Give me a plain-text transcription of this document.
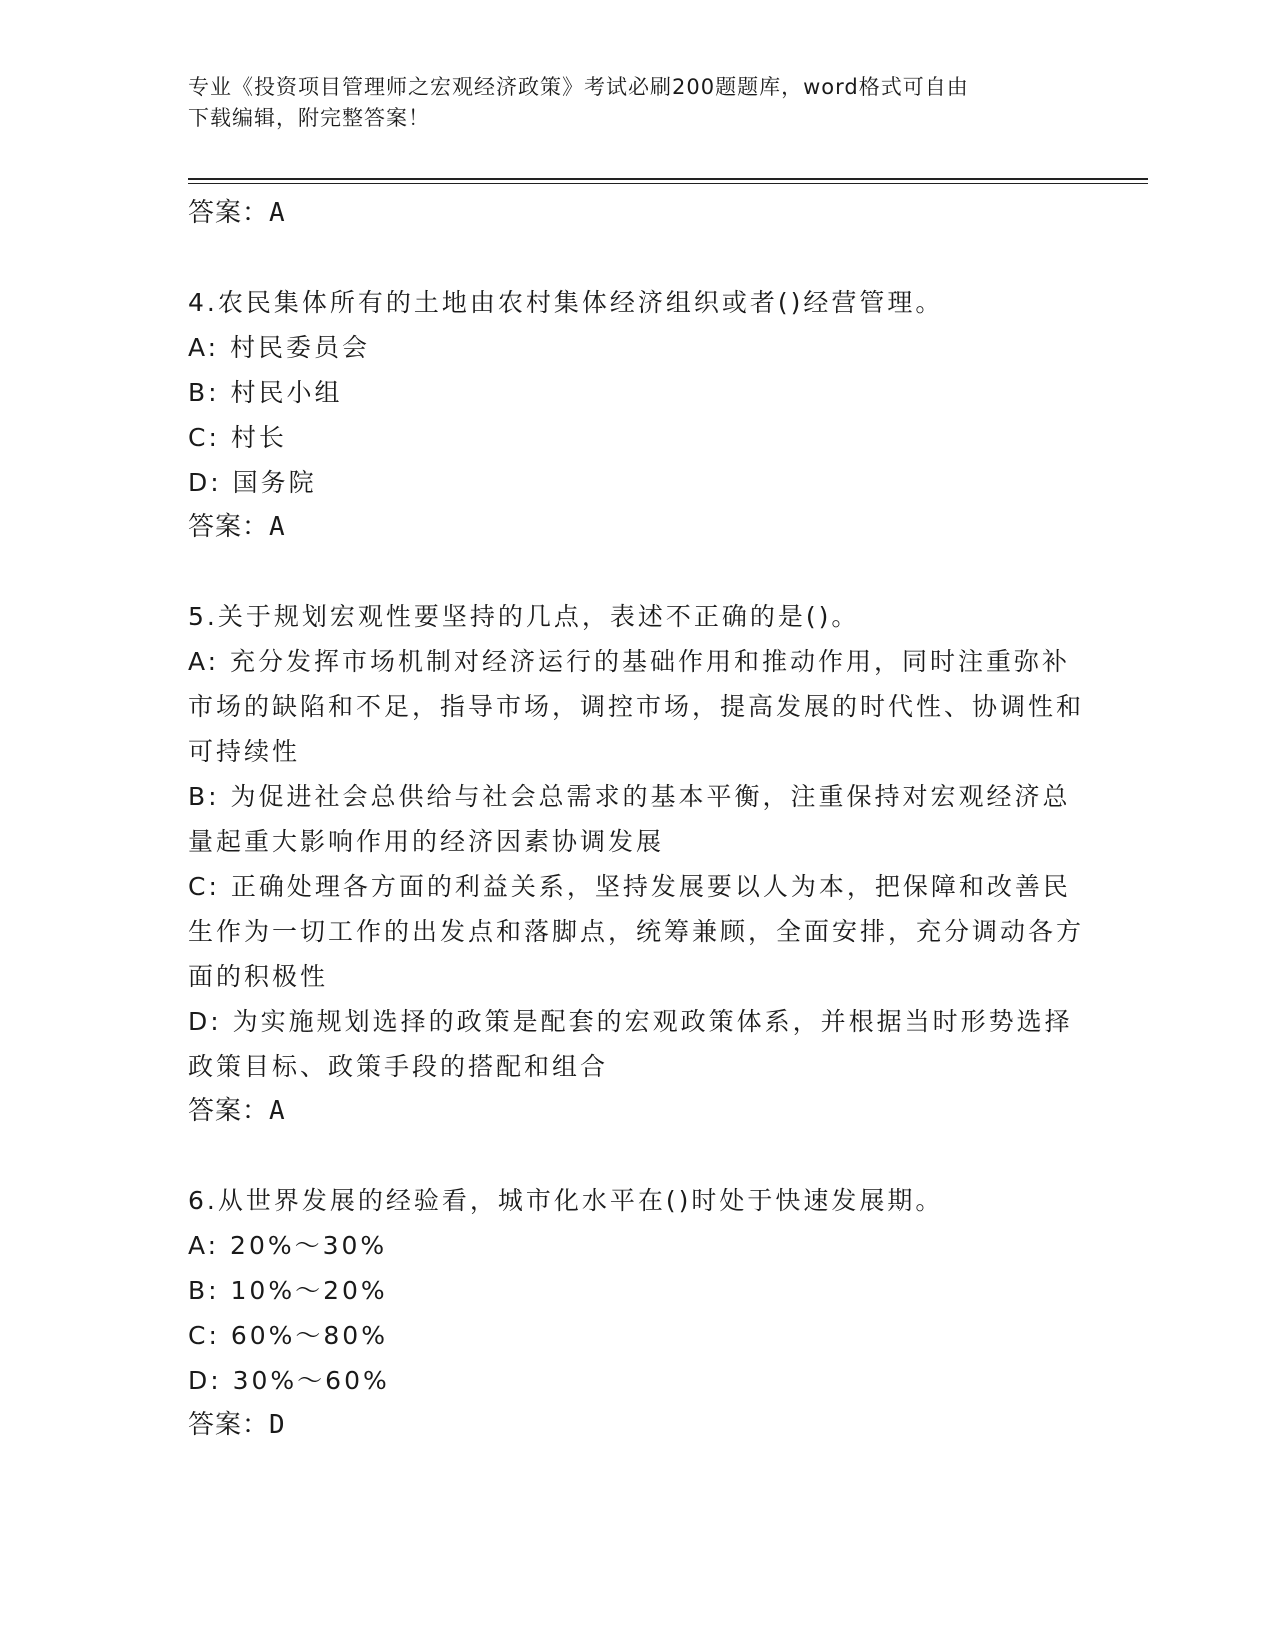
专业《投资项目管理师之宏观经济政策》考试必刷200题题库，word格式可自由
下载编辑，附完整答案！
答案：A
4.农民集体所有的土地由农村集体经济组织或者()经营管理。

A: 村民委员会

B: 村民小组

C: 村长

D: 国务院

答案：A
5.关于规划宏观性要坚持的几点，表述不正确的是()。

A: 充分发挥市场机制对经济运行的基础作用和推动作用，同时注重弥补市场的缺陷和不足，指导市场，调控市场，提高发展的时代性、协调性和可持续性

B: 为促进社会总供给与社会总需求的基本平衡，注重保持对宏观经济总量起重大影响作用的经济因素协调发展

C: 正确处理各方面的利益关系，坚持发展要以人为本，把保障和改善民生作为一切工作的出发点和落脚点，统筹兼顾，全面安排，充分调动各方面的积极性

D: 为实施规划选择的政策是配套的宏观政策体系，并根据当时形势选择政策目标、政策手段的搭配和组合

答案：A
6.从世界发展的经验看，城市化水平在()时处于快速发展期。

A: 20%～30%

B: 10%～20%

C: 60%～80%

D: 30%～60%

答案：D
